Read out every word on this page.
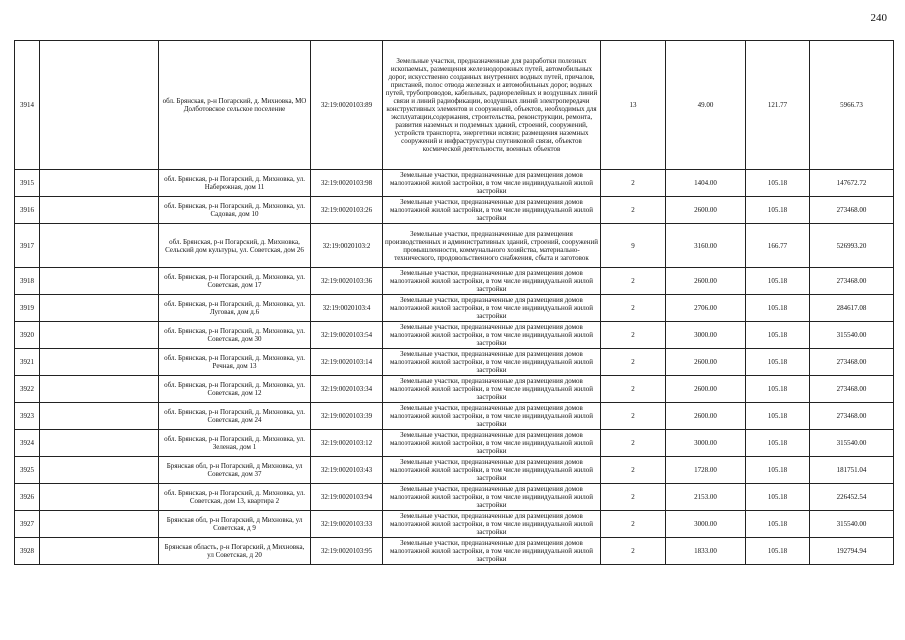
240
3914		обл. Брянская, р-н Погарский, д. Михновка, МО Долботовское сельское поселение	32:19:0020103:89	Земельные участки, предназначенные для разработки полезных ископаемых, размещения железнодорожных путей, автомобильных дорог, искусственно созданных внутренних водных путей, причалов, пристаней, полос отвода железных и автомобильных дорог, водных путей, трубопроводов, кабельных, радиорелейных и воздушных линий связи и линий радиофикации, воздушных линий электропередачи конструктивных элементов и сооружений, объектов, необходимых для эксплуатации,содержания, строительства, реконструкции, ремонта, развития наземных и подземных зданий, строений, сооружений, устройств транспорта, энергетики исвязи; размещения наземных сооружений и инфраструктуры спутниковой связи, объектов космической деятельности, военных объектов	13	49.00	121.77	5966.73
3915		обл. Брянская, р-н Погарский, д. Михновка, ул. Набережная, дом 11	32:19:0020103:98	Земельные участки, предназначенные для размещения домов малоэтажной жилой застройки, в том числе индивидуальной жилой застройки	2	1404.00	105.18	147672.72
3916		обл. Брянская, р-н Погарский, д. Михновка, ул. Садовая, дом 10	32:19:0020103:26	Земельные участки, предназначенные для размещения домов малоэтажной жилой застройки, в том числе индивидуальной жилой застройки	2	2600.00	105.18	273468.00
3917		обл. Брянская, р-н Погарский, д. Михновка, Сельский дом культуры, ул. Советская, дом 26	32:19:0020103:2	Земельные участки, предназначенные для размещения производственных и административных зданий, строений, сооружений промышленности, коммунального хозяйства, материально-технического, продовольственного снабжения, сбыта и заготовок	9	3160.00	166.77	526993.20
3918		обл. Брянская, р-н Погарский, д. Михновка, ул. Советская, дом 17	32:19:0020103:36	Земельные участки, предназначенные для размещения домов малоэтажной жилой застройки, в том числе индивидуальной жилой застройки	2	2600.00	105.18	273468.00
3919		обл. Брянская, р-н Погарский, д. Михновка, ул. Луговая, дом д.6	32:19:0020103:4	Земельные участки, предназначенные для размещения домов малоэтажной жилой застройки, в том числе индивидуальной жилой застройки	2	2706.00	105.18	284617.08
3920		обл. Брянская, р-н Погарский, д. Михновка, ул. Советская, дом 30	32:19:0020103:54	Земельные участки, предназначенные для размещения домов малоэтажной жилой застройки, в том числе индивидуальной жилой застройки	2	3000.00	105.18	315540.00
3921		обл. Брянская, р-н Погарский, д. Михновка, ул. Речная, дом 13	32:19:0020103:14	Земельные участки, предназначенные для размещения домов малоэтажной жилой застройки, в том числе индивидуальной жилой застройки	2	2600.00	105.18	273468.00
3922		обл. Брянская, р-н Погарский, д. Михновка, ул. Советская, дом 12	32:19:0020103:34	Земельные участки, предназначенные для размещения домов малоэтажной жилой застройки, в том числе индивидуальной жилой застройки	2	2600.00	105.18	273468.00
3923		обл. Брянская, р-н Погарский, д. Михновка, ул. Советская, дом 24	32:19:0020103:39	Земельные участки, предназначенные для размещения домов малоэтажной жилой застройки, в том числе индивидуальной жилой застройки	2	2600.00	105.18	273468.00
3924		обл. Брянская, р-н Погарский, д. Михновка, ул. Зеленая, дом 1	32:19:0020103:12	Земельные участки, предназначенные для размещения домов малоэтажной жилой застройки, в том числе индивидуальной жилой застройки	2	3000.00	105.18	315540.00
3925		Брянская обл, р-н Погарский, д Михновка, ул Советская, дом 37	32:19:0020103:43	Земельные участки, предназначенные для размещения домов малоэтажной жилой застройки, в том числе индивидуальной жилой застройки	2	1728.00	105.18	181751.04
3926		обл. Брянская, р-н Погарский, д. Михновка, ул. Советская, дом 13, квартира 2	32:19:0020103:94	Земельные участки, предназначенные для размещения домов малоэтажной жилой застройки, в том числе индивидуальной жилой застройки	2	2153.00	105.18	226452.54
3927		Брянская обл, р-н Погарский, д Михновка, ул Советская, д 9	32:19:0020103:33	Земельные участки, предназначенные для размещения домов малоэтажной жилой застройки, в том числе индивидуальной жилой застройки	2	3000.00	105.18	315540.00
3928		Брянская область, р-н Погарский, д Михновка, ул Советская, д 20	32:19:0020103:95	Земельные участки, предназначенные для размещения домов малоэтажной жилой застройки, в том числе индивидуальной жилой застройки	2	1833.00	105.18	192794.94
